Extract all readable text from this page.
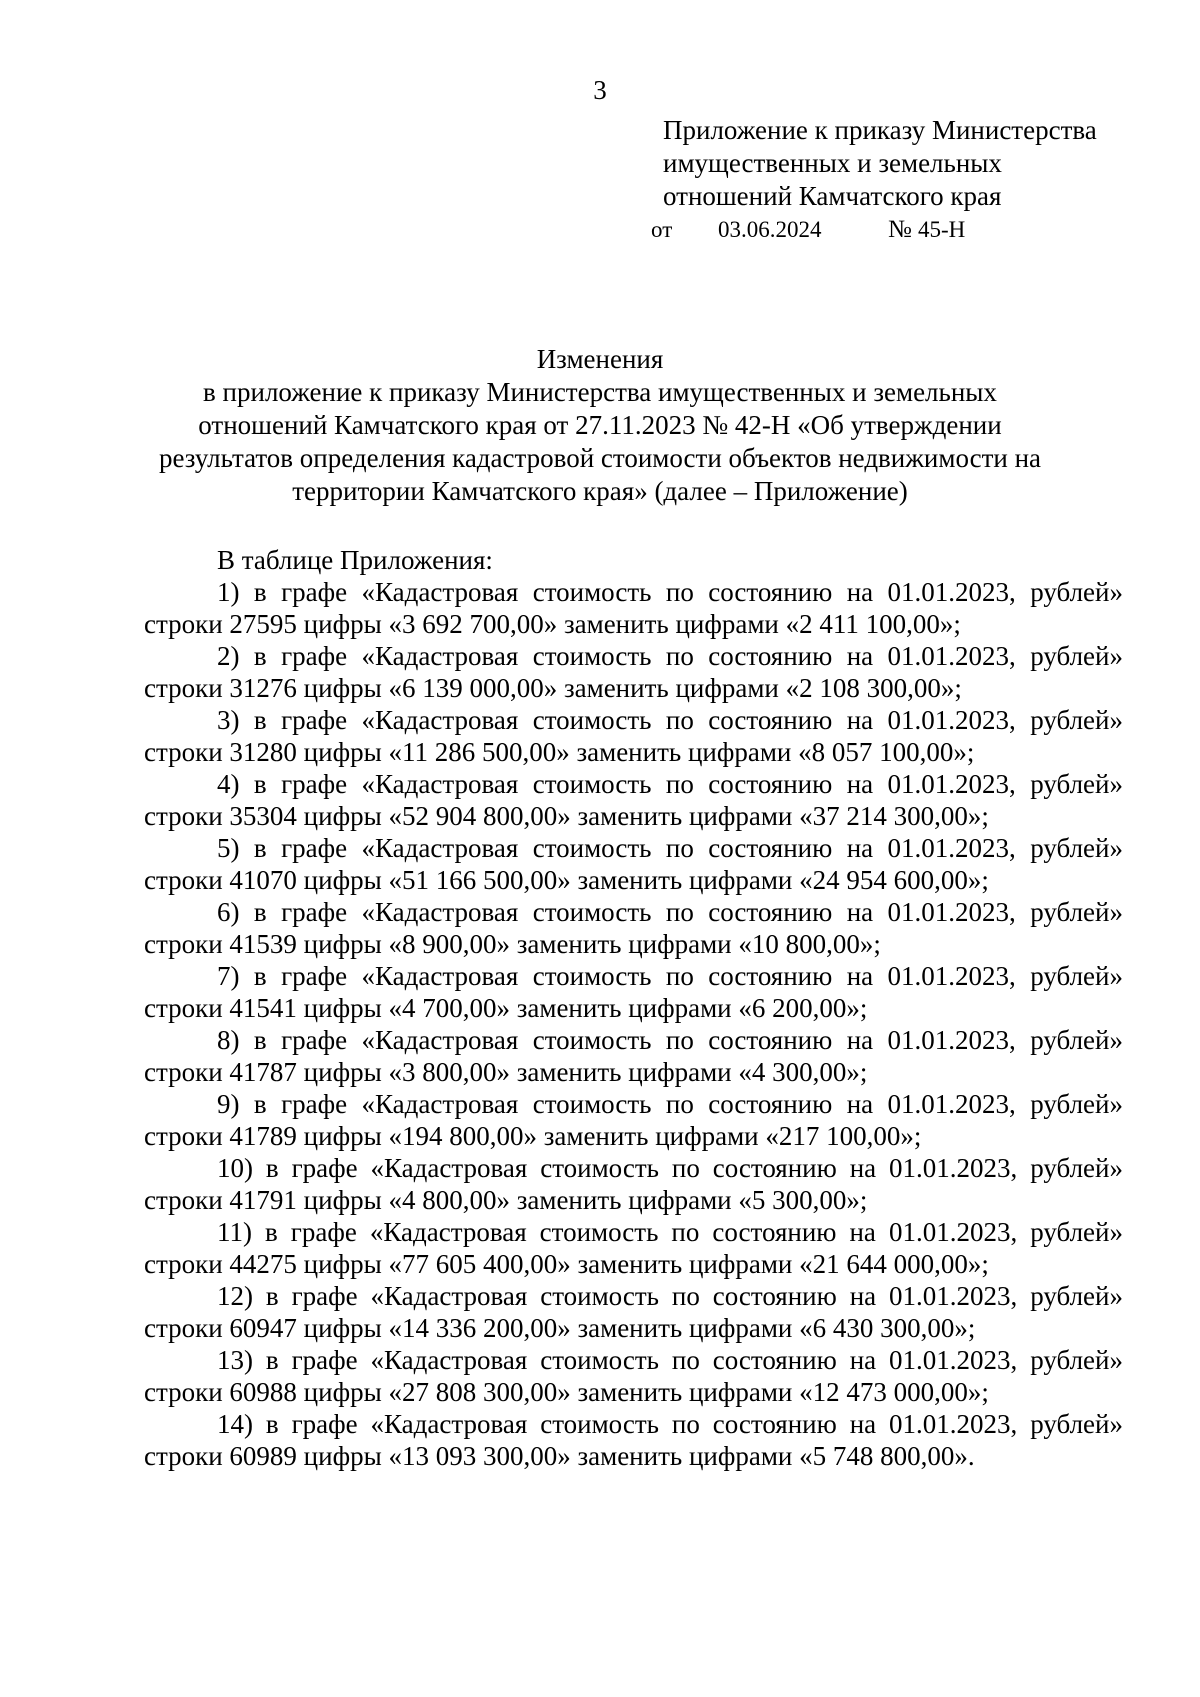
3
Приложение к приказу Министерства
имущественных и земельных
отношений Камчатского края
от 03.06.2024	№ 45-Н
Изменения
в приложение к приказу Министерства имущественных и земельных
отношений Камчатского края от 27.11.2023 № 42-Н «Об утверждении
результатов определения кадастровой стоимости объектов недвижимости на
территории Камчатского края» (далее – Приложение)
В таблице Приложения:
1) в графе «Кадастровая стоимость по состоянию на 01.01.2023, рублей»
строки 27595 цифры «3 692 700,00» заменить цифрами «2 411 100,00»;
2) в графе «Кадастровая стоимость по состоянию на 01.01.2023, рублей»
строки 31276 цифры «6 139 000,00» заменить цифрами «2 108 300,00»;
3) в графе «Кадастровая стоимость по состоянию на 01.01.2023, рублей»
строки 31280 цифры «11 286 500,00» заменить цифрами «8 057 100,00»;
4) в графе «Кадастровая стоимость по состоянию на 01.01.2023, рублей»
строки 35304 цифры «52 904 800,00» заменить цифрами «37 214 300,00»;
5) в графе «Кадастровая стоимость по состоянию на 01.01.2023, рублей»
строки 41070 цифры «51 166 500,00» заменить цифрами «24 954 600,00»;
6) в графе «Кадастровая стоимость по состоянию на 01.01.2023, рублей»
строки 41539 цифры «8 900,00» заменить цифрами «10 800,00»;
7) в графе «Кадастровая стоимость по состоянию на 01.01.2023, рублей»
строки 41541 цифры «4 700,00» заменить цифрами «6 200,00»;
8) в графе «Кадастровая стоимость по состоянию на 01.01.2023, рублей»
строки 41787 цифры «3 800,00» заменить цифрами «4 300,00»;
9) в графе «Кадастровая стоимость по состоянию на 01.01.2023, рублей»
строки 41789 цифры «194 800,00» заменить цифрами «217 100,00»;
10) в графе «Кадастровая стоимость по состоянию на 01.01.2023, рублей»
строки 41791 цифры «4 800,00» заменить цифрами «5 300,00»;
11) в графе «Кадастровая стоимость по состоянию на 01.01.2023, рублей»
строки 44275 цифры «77 605 400,00» заменить цифрами «21 644 000,00»;
12) в графе «Кадастровая стоимость по состоянию на 01.01.2023, рублей»
строки 60947 цифры «14 336 200,00» заменить цифрами «6 430 300,00»;
13) в графе «Кадастровая стоимость по состоянию на 01.01.2023, рублей»
строки 60988 цифры «27 808 300,00» заменить цифрами «12 473 000,00»;
14) в графе «Кадастровая стоимость по состоянию на 01.01.2023, рублей»
строки 60989 цифры «13 093 300,00» заменить цифрами «5 748 800,00».
